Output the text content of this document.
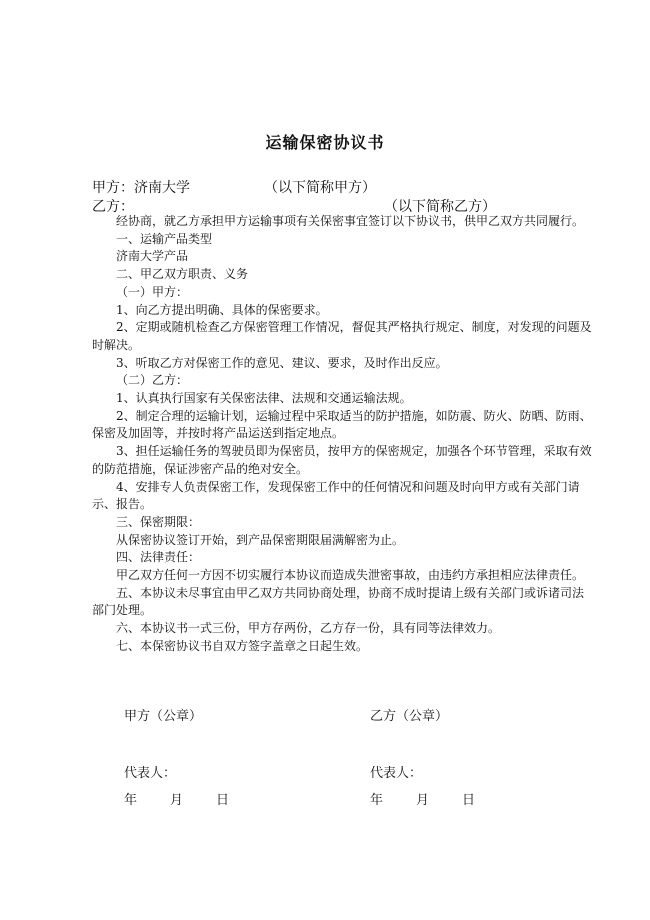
运输保密协议书
甲方：济南大学	（以下简称甲方）
乙方：	（以下简称乙方）

经协商，就乙方承担甲方运输事项有关保密事宜签订以下协议书，供甲乙双方共同履行。

一、运输产品类型

济南大学产品

二、甲乙双方职责、义务

（一）甲方：

1、向乙方提出明确、具体的保密要求。

2、定期或随机检查乙方保密管理工作情况，督促其严格执行规定、制度，对发现的问题及时解决。

3、听取乙方对保密工作的意见、建议、要求，及时作出反应。

（二）乙方：

1、认真执行国家有关保密法律、法规和交通运输法规。

2、制定合理的运输计划，运输过程中采取适当的防护措施，如防震、防火、防晒、防雨、保密及加固等，并按时将产品运送到指定地点。

3、担任运输任务的驾驶员即为保密员，按甲方的保密规定，加强各个环节管理，采取有效的防范措施，保证涉密产品的绝对安全。

4、安排专人负责保密工作，发现保密工作中的任何情况和问题及时向甲方或有关部门请示、报告。

三、保密期限：

从保密协议签订开始，到产品保密期限届满解密为止。

四、法律责任：

甲乙双方任何一方因不切实履行本协议而造成失泄密事故，由违约方承担相应法律责任。

五、本协议未尽事宜由甲乙双方共同协商处理，协商不成时提请上级有关部门或诉诸司法部门处理。

六、本协议书一式三份，甲方存两份，乙方存一份，具有同等法律效力。

七、本保密协议书自双方签字盖章之日起生效。

甲方（公章）	乙方（公章）
代表人：	代表人：
年	月	日	年	月	日
